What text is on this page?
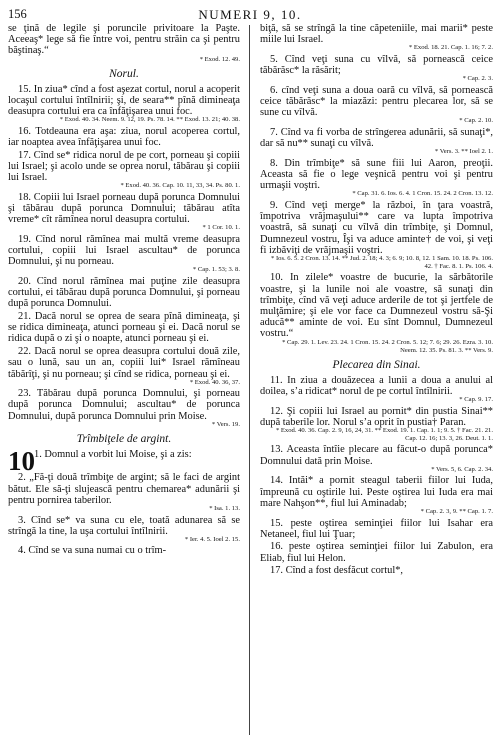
156	NUMERI 9, 10.
se ţină de legile şi poruncile privitoare la Paşte. Aceeaş* lege să fie între voi, pentru străin ca şi pentru băştinaş.“
* Exod. 12. 49.
Norul.
15. In ziua* cînd a fost aşezat cortul, norul a acoperit locaşul cortului întîlnirii; şi, de seara** pînă dimineaţa deasupra cortului era ca înfăţişarea unui foc.
* Exod. 40. 34. Neem. 9. 12, 19. Ps. 78. 14. ** Exod. 13. 21; 40. 38.
16. Totdeauna era aşa: ziua, norul acoperea cortul, iar noaptea avea înfăţişarea unui foc.
17. Cînd se* ridica norul de pe cort, porneau şi copiii lui Israel; şi acolo unde se oprea norul, tăbărau şi copiii lui Israel.
* Exod. 40. 36. Cap. 10. 11, 33, 34. Ps. 80. 1.
18. Copiii lui Israel porneau după porunca Domnului şi tăbărau după porunca Domnului; tăbărau atîta vreme* cît rămînea norul deasupra cortului.
* 1 Cor. 10. 1.
19. Cînd norul rămînea mai multă vreme deasupra cortului, copiii lui Israel ascultau* de porunca Domnului, şi nu porneau.
* Cap. 1. 53; 3. 8.
20. Cînd norul rămînea mai puţine zile deasupra cortului, ei tăbărau după porunca Domnului, şi porneau după porunca Domnului.
21. Dacă norul se oprea de seara pînă dimineaţa, şi se ridica dimineaţa, atunci porneau şi ei. Dacă norul se ridica după o zi şi o noapte, atunci porneau şi ei.
22. Dacă norul se oprea deasupra cortului două zile, sau o lună, sau un an, copiii lui* Israel rămîneau tăbărîţi, şi nu porneau; şi cînd se ridica, porneau şi ei.
* Exod. 40. 36, 37.
23. Tăbărau după porunca Domnului, şi porneau după porunca Domnului; ascultau* de porunca Domnului, după porunca Domnului prin Moise.
* Vers. 19.
Trîmbiţele de argint.
10 1. Domnul a vorbit lui Moise, şi a zis:
2. „Fă-ţi două trîmbiţe de argint; să le faci de argint bătut. Ele să-ţi slujească pentru chemarea* adunării şi pentru pornirea taberilor.
* Isa. 1. 13.
3. Cînd se* va suna cu ele, toată adunarea să se strîngă la tine, la uşa cortului întîlnirii.
* Ier. 4. 5. Ioel 2. 15.
4. Cînd se va suna numai cu o trîm-
biţă, să se strîngă la tine căpeteniile, mai marii* peste miile lui Israel.
* Exod. 18. 21. Cap. 1. 16; 7. 2.
5. Cînd veţi suna cu vîlvă, să pornească ceice tăbărăsc* la răsărit;
* Cap. 2. 3.
6. cînd veţi suna a doua oară cu vîlvă, să pornească ceice tăbărăsc* la miazăzi: pentru plecarea lor, să se sune cu vîlvă.
* Cap. 2. 10.
7. Cînd va fi vorba de strîngerea adunării, să sunaţi*, dar să nu** sunaţi cu vîlvă.
* Vers. 3. ** Ioel 2. 1.
8. Din trîmbiţe* să sune fiii lui Aaron, preoţii. Aceasta să fie o lege veşnică pentru voi şi pentru urmaşii voştri.
* Cap. 31. 6. Ios. 6. 4. 1 Cron. 15. 24. 2 Cron. 13. 12.
9. Cînd veţi merge* la război, în ţara voastră, împotriva vrăjmaşului** care va lupta împotriva voastră, să sunaţi cu vîlvă din trîmbiţe, şi Domnul, Dumnezeul vostru, Îşi va aduce aminte† de voi, şi veţi fi izbăviţi de vrăjmaşii voştri.
* Ios. 6. 5. 2 Cron. 13. 14. ** Jud. 2. 18; 4. 3; 6. 9; 10. 8, 12. 1 Sam. 10. 18. Ps. 106. 42. † Fac. 8. 1. Ps. 106. 4.
10. In zilele* voastre de bucurie, la sărbătorile voastre, şi la lunile noi ale voastre, să sunaţi din trîmbiţe, cînd vă veţi aduce arderile de tot şi jertfele de mulţămire; şi ele vor face ca Dumnezeul vostru să-Şi aducă** aminte de voi. Eu sînt Domnul, Dumnezeul vostru.“
* Cap. 29. 1. Lev. 23. 24. 1 Cron. 15. 24. 2 Cron. 5. 12; 7. 6; 29. 26. Ezra. 3. 10. Neem. 12. 35. Ps. 81. 3. ** Vers. 9.
Plecarea din Sinai.
11. In ziua a douăzecea a lunii a doua a anului al doilea, s’a ridicat* norul de pe cortul întîlnirii.
* Cap. 9. 17.
12. Şi copiii lui Israel au pornit* din pustia Sinai** după taberile lor. Norul s’a oprit în pustia† Paran.
* Exod. 40. 36. Cap. 2. 9, 16, 24, 31. ** Exod. 19. 1. Cap. 1. 1; 9. 5. † Fac. 21. 21. Cap. 12. 16; 13. 3, 26. Deut. 1. 1.
13. Aceasta întîie plecare au făcut-o după porunca* Domnului dată prin Moise.
* Vers. 5, 6. Cap. 2. 34.
14. Intăi* a pornit steagul taberii fiilor lui Iuda, împreună cu oştirile lui. Peste oştirea lui Iuda era mai mare Nahşon**, fiul lui Aminadab;
* Cap. 2. 3, 9. ** Cap. 1. 7.
15. peste oştirea seminţiei fiilor lui Isahar era Netaneel, fiul lui Ţuar;
16. peste oştirea seminţiei fiilor lui Zabulon, era Eliab, fiul lui Helon.
17. Cînd a fost desfăcut cortul*,
